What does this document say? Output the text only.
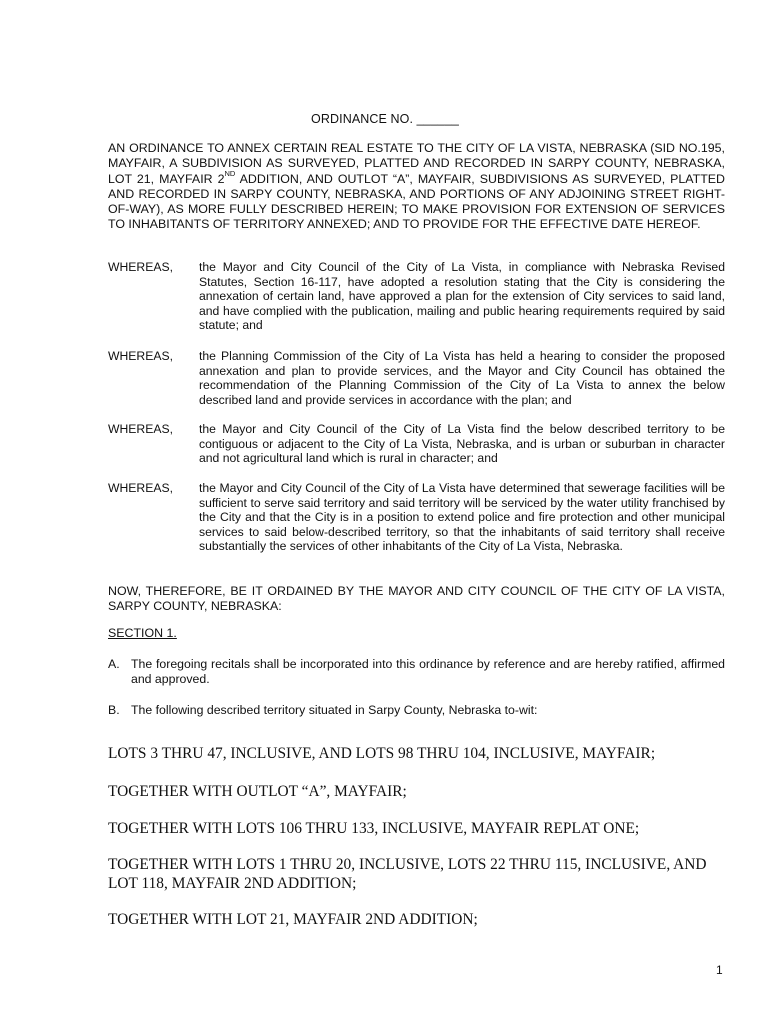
ORDINANCE NO. ______
AN ORDINANCE TO ANNEX CERTAIN REAL ESTATE TO THE CITY OF LA VISTA, NEBRASKA (SID NO.195, MAYFAIR, A SUBDIVISION AS SURVEYED, PLATTED AND RECORDED IN SARPY COUNTY, NEBRASKA, LOT 21, MAYFAIR 2ND ADDITION, AND OUTLOT “A”, MAYFAIR, SUBDIVISIONS AS SURVEYED, PLATTED AND RECORDED IN SARPY COUNTY, NEBRASKA, AND PORTIONS OF ANY ADJOINING STREET RIGHT-OF-WAY), AS MORE FULLY DESCRIBED HEREIN; TO MAKE PROVISION FOR EXTENSION OF SERVICES TO INHABITANTS OF TERRITORY ANNEXED; AND TO PROVIDE FOR THE EFFECTIVE DATE HEREOF.
WHEREAS, the Mayor and City Council of the City of La Vista, in compliance with Nebraska Revised Statutes, Section 16-117, have adopted a resolution stating that the City is considering the annexation of certain land, have approved a plan for the extension of City services to said land, and have complied with the publication, mailing and public hearing requirements required by said statute; and
WHEREAS, the Planning Commission of the City of La Vista has held a hearing to consider the proposed annexation and plan to provide services, and the Mayor and City Council has obtained the recommendation of the Planning Commission of the City of La Vista to annex the below described land and provide services in accordance with the plan; and
WHEREAS, the Mayor and City Council of the City of La Vista find the below described territory to be contiguous or adjacent to the City of La Vista, Nebraska, and is urban or suburban in character and not agricultural land which is rural in character; and
WHEREAS, the Mayor and City Council of the City of La Vista have determined that sewerage facilities will be sufficient to serve said territory and said territory will be serviced by the water utility franchised by the City and that the City is in a position to extend police and fire protection and other municipal services to said below-described territory, so that the inhabitants of said territory shall receive substantially the services of other inhabitants of the City of La Vista, Nebraska.
NOW, THEREFORE, BE IT ORDAINED BY THE MAYOR AND CITY COUNCIL OF THE CITY OF LA VISTA, SARPY COUNTY, NEBRASKA:
SECTION 1.
A. The foregoing recitals shall be incorporated into this ordinance by reference and are hereby ratified, affirmed and approved.
B. The following described territory situated in Sarpy County, Nebraska to-wit:
LOTS 3 THRU 47, INCLUSIVE, AND LOTS 98 THRU 104, INCLUSIVE, MAYFAIR;
TOGETHER WITH OUTLOT “A”, MAYFAIR;
TOGETHER WITH LOTS 106 THRU 133, INCLUSIVE, MAYFAIR REPLAT ONE;
TOGETHER WITH LOTS 1 THRU 20, INCLUSIVE, LOTS 22 THRU 115, INCLUSIVE, AND LOT 118, MAYFAIR 2ND ADDITION;
TOGETHER WITH LOT 21, MAYFAIR 2ND ADDITION;
1
